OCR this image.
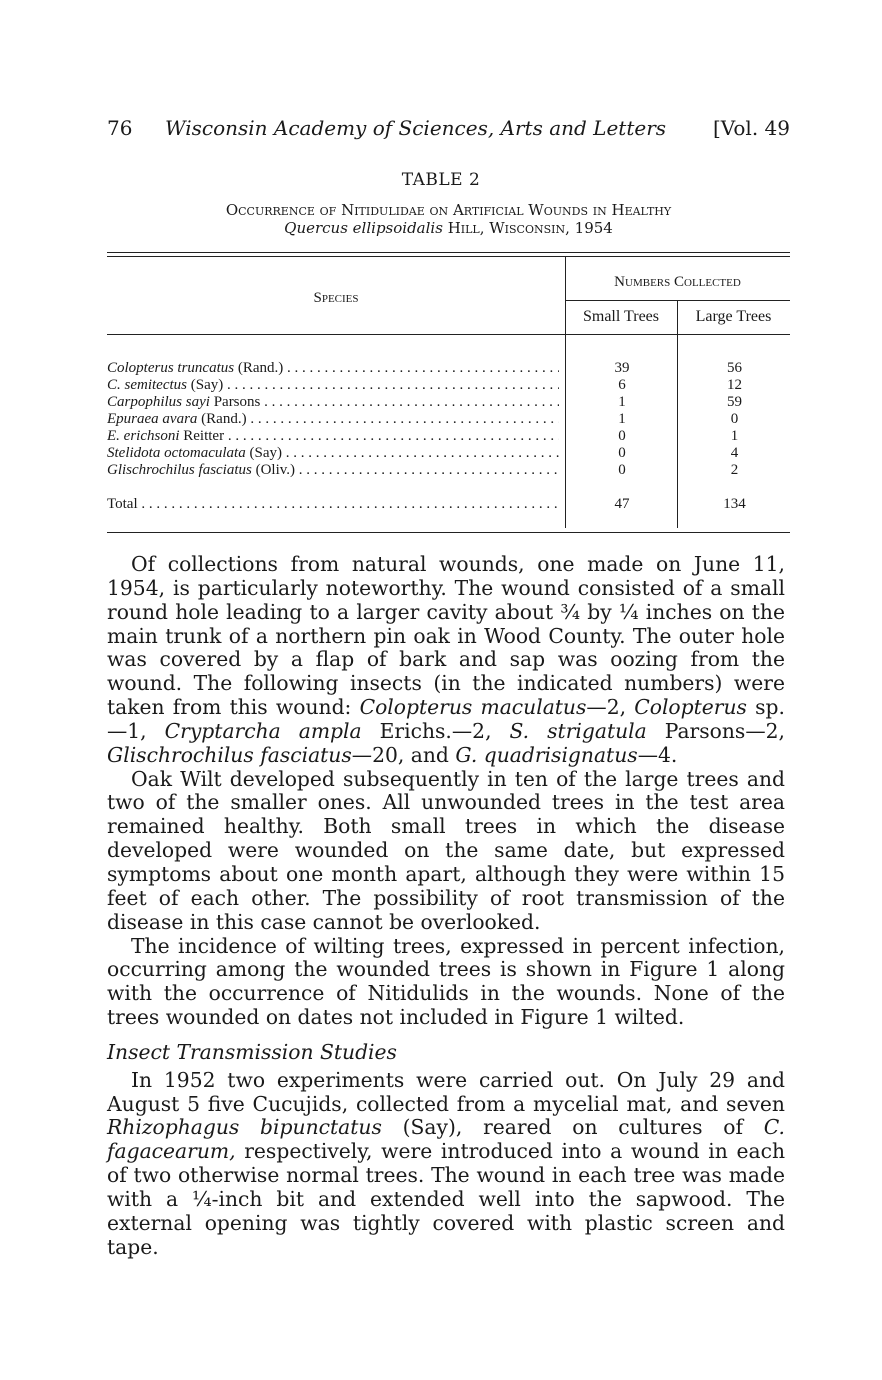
76	Wisconsin Academy of Sciences, Arts and Letters	[Vol. 49
TABLE 2
Occurrence of Nitidulidae on Artificial Wounds in Healthy
Quercus ellipsoidalis Hill, Wisconsin, 1954
Species
Numbers Collected
Small Trees	Large Trees
Colopterus truncatus (Rand.) . . .	39	56
C. semitectus (Say) . . .	6	12
Carpophilus sayi Parsons . . .	1	59
Epuraea avara (Rand.) . . .	1	0
E. erichsoni Reitter . . .	0	1
Stelidota octomaculata (Say) . . .	0	4
Glischrochilus fasciatus (Oliv.) . . .	0	2
Total . . .	47	134

Of collections from natural wounds, one made on June 11, 1954, is particularly noteworthy. The wound consisted of a small round hole leading to a larger cavity about ¾ by ¼ inches on the main trunk of a northern pin oak in Wood County. The outer hole was covered by a flap of bark and sap was oozing from the wound. The following insects (in the indicated numbers) were taken from this wound: Colopterus maculatus—2, Colopterus sp.—1, Cryptarcha ampla Erichs.—2, S. strigatula Parsons—2, Glischrochilus fasciatus—20, and G. quadrisignatus—4.

Oak Wilt developed subsequently in ten of the large trees and two of the smaller ones. All unwounded trees in the test area remained healthy. Both small trees in which the disease developed were wounded on the same date, but expressed symptoms about one month apart, although they were within 15 feet of each other. The possibility of root transmission of the disease in this case cannot be overlooked.

The incidence of wilting trees, expressed in percent infection, occurring among the wounded trees is shown in Figure 1 along with the occurrence of Nitidulids in the wounds. None of the trees wounded on dates not included in Figure 1 wilted.

Insect Transmission Studies

In 1952 two experiments were carried out. On July 29 and August 5 five Cucujids, collected from a mycelial mat, and seven Rhizophagus bipunctatus (Say), reared on cultures of C. fagacearum, respectively, were introduced into a wound in each of two otherwise normal trees. The wound in each tree was made with a ¼-inch bit and extended well into the sapwood. The external opening was tightly covered with plastic screen and tape.
